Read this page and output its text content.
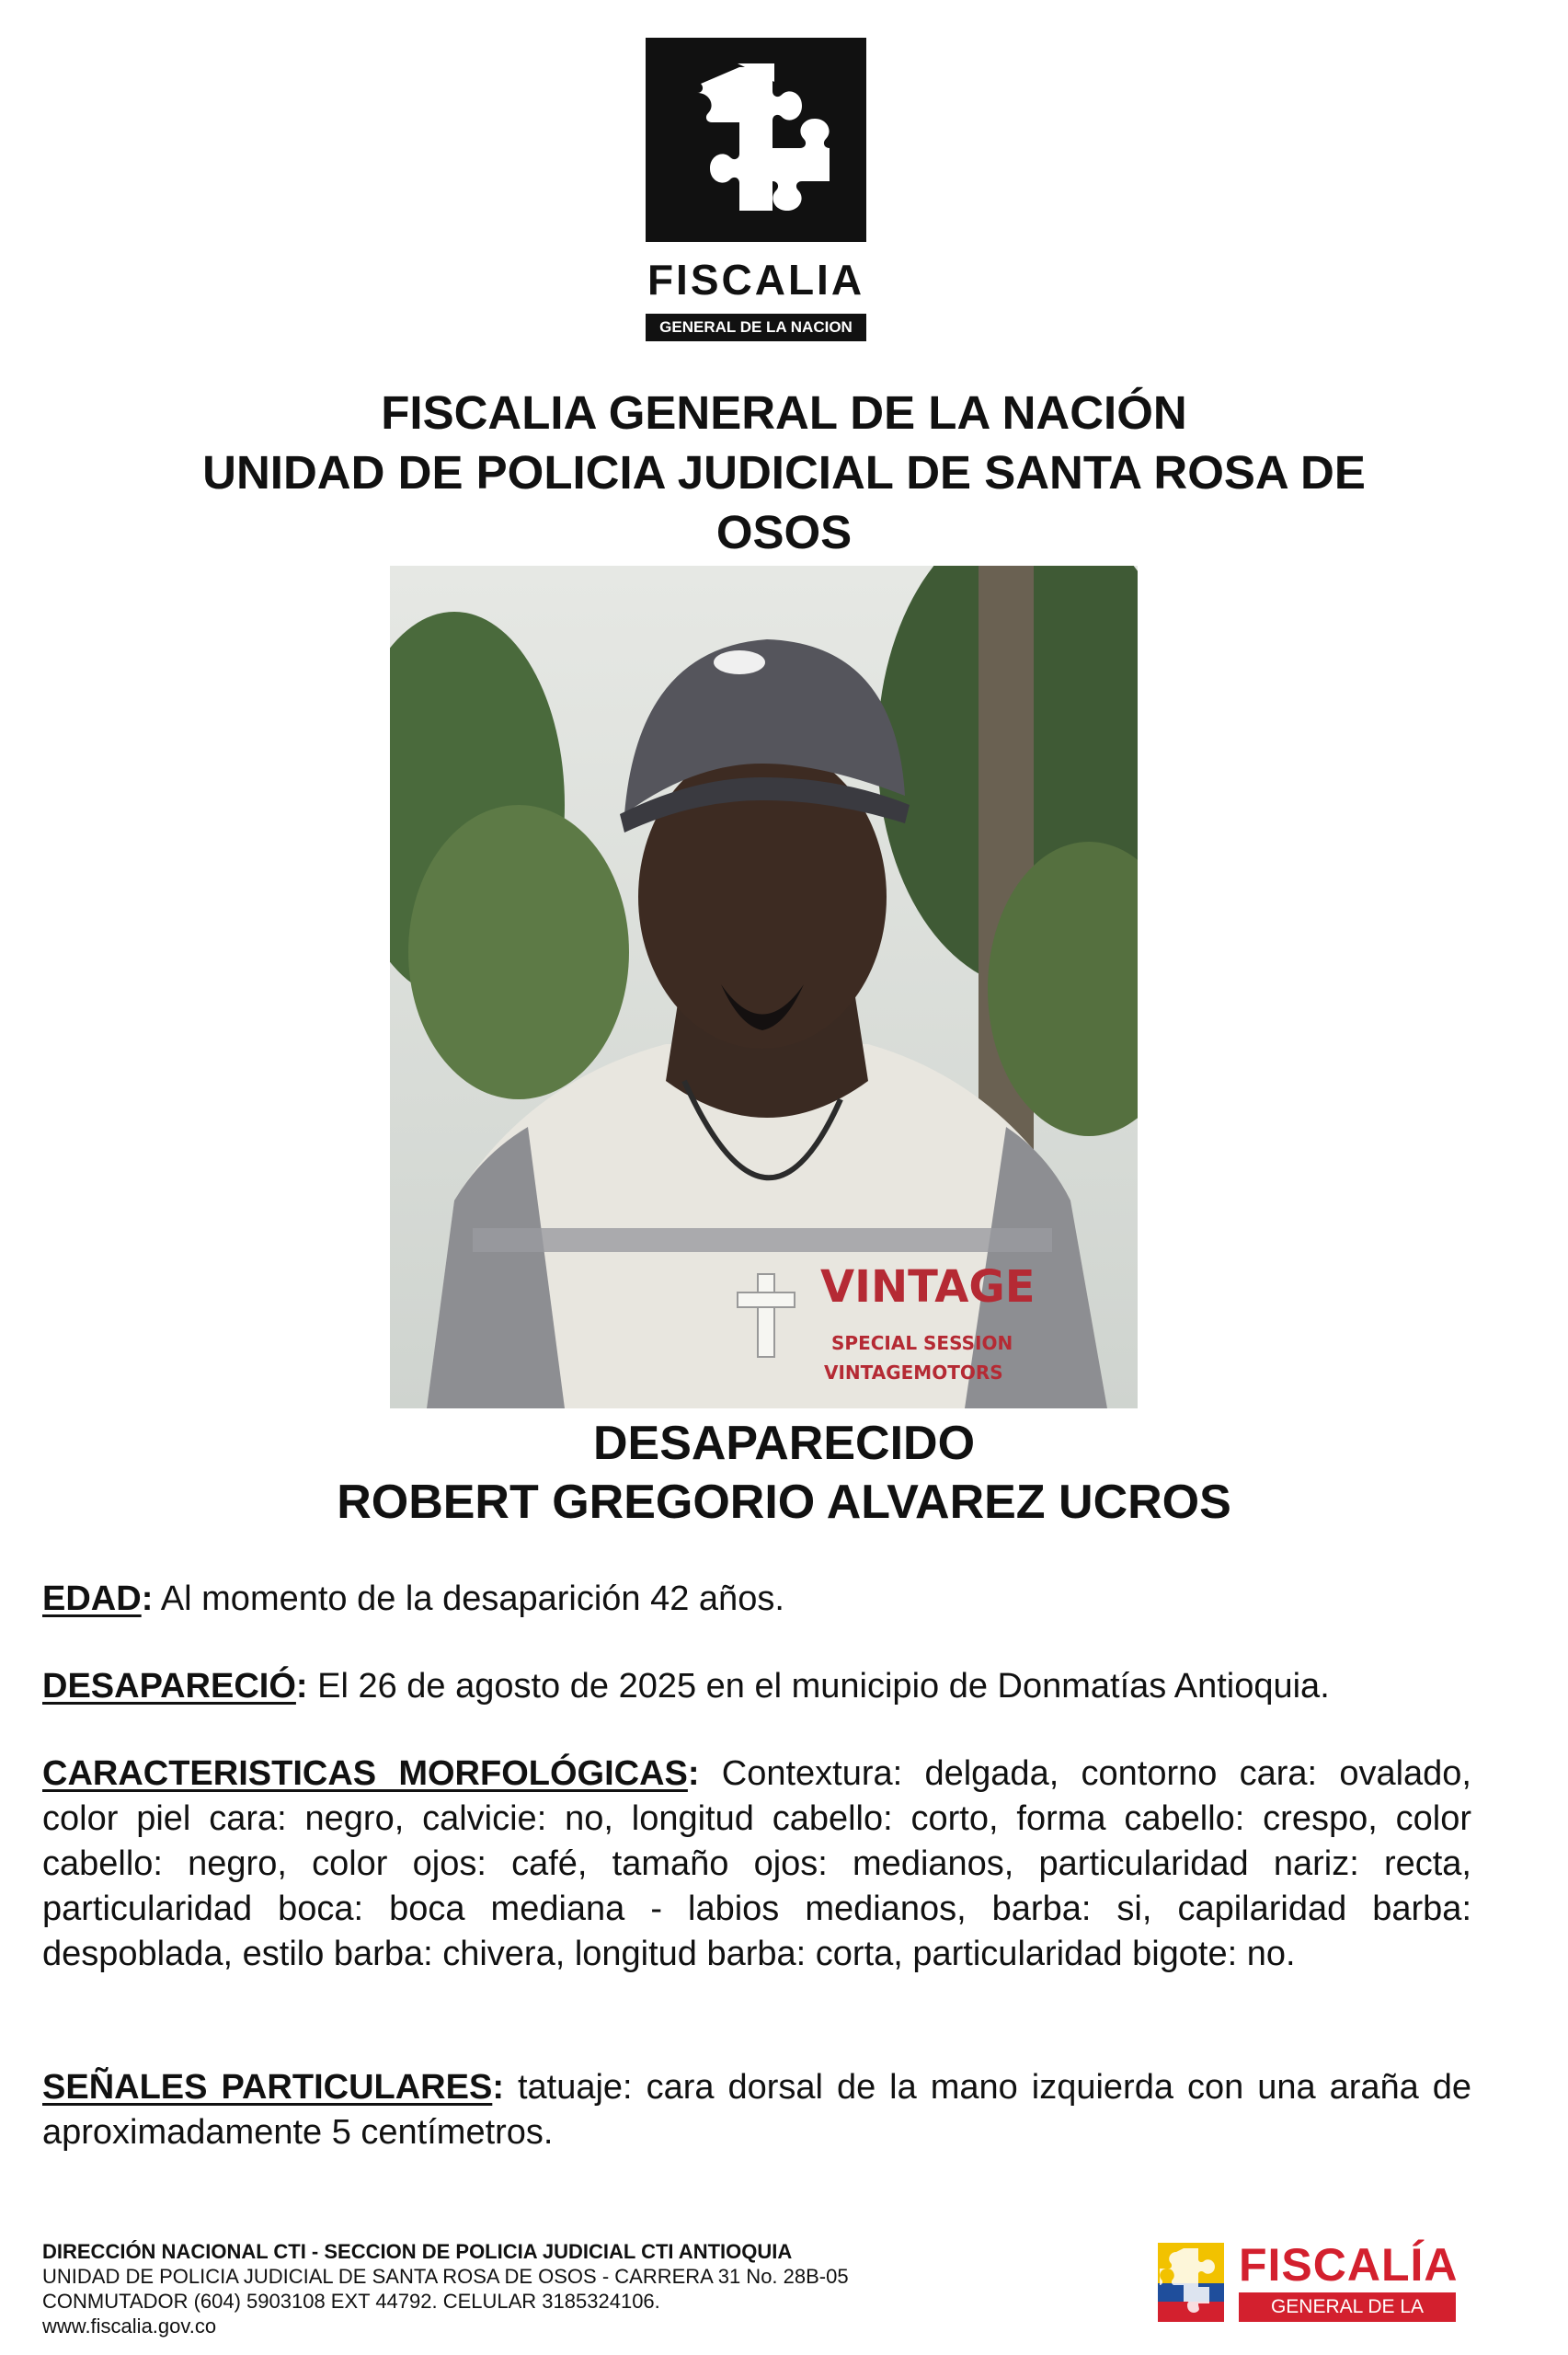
FISCALIA
GENERAL DE LA NACION
FISCALIA GENERAL DE LA NACIÓN
UNIDAD DE POLICIA JUDICIAL DE SANTA ROSA DE
OSOS
VINTAGE
SPECIAL SESSION
VINTAGEMOTORS
DESAPARECIDO
ROBERT GREGORIO ALVAREZ UCROS
EDAD: Al momento de la desaparición 42 años.
DESAPARECIÓ: El 26 de agosto de 2025 en el municipio de Donmatías Antioquia.
CARACTERISTICAS MORFOLÓGICAS: Contextura: delgada, contorno cara: ovalado, color piel cara: negro, calvicie: no, longitud cabello: corto, forma cabello: crespo, color cabello: negro, color ojos: café, tamaño ojos: medianos, particularidad nariz: recta, particularidad boca: boca mediana - labios medianos, barba: si, capilaridad barba: despoblada, estilo barba: chivera, longitud barba: corta, particularidad bigote: no.
SEÑALES PARTICULARES: tatuaje: cara dorsal de la mano izquierda con una araña de aproximadamente 5 centímetros.
DIRECCIÓN NACIONAL CTI - SECCION DE POLICIA JUDICIAL CTI ANTIOQUIA
UNIDAD DE POLICIA JUDICIAL DE SANTA ROSA DE OSOS - CARRERA 31 No. 28B-05
CONMUTADOR (604) 5903108 EXT 44792. CELULAR 3185324106.
www.fiscalia.gov.co
FISCALÍA
GENERAL DE LA NACION
